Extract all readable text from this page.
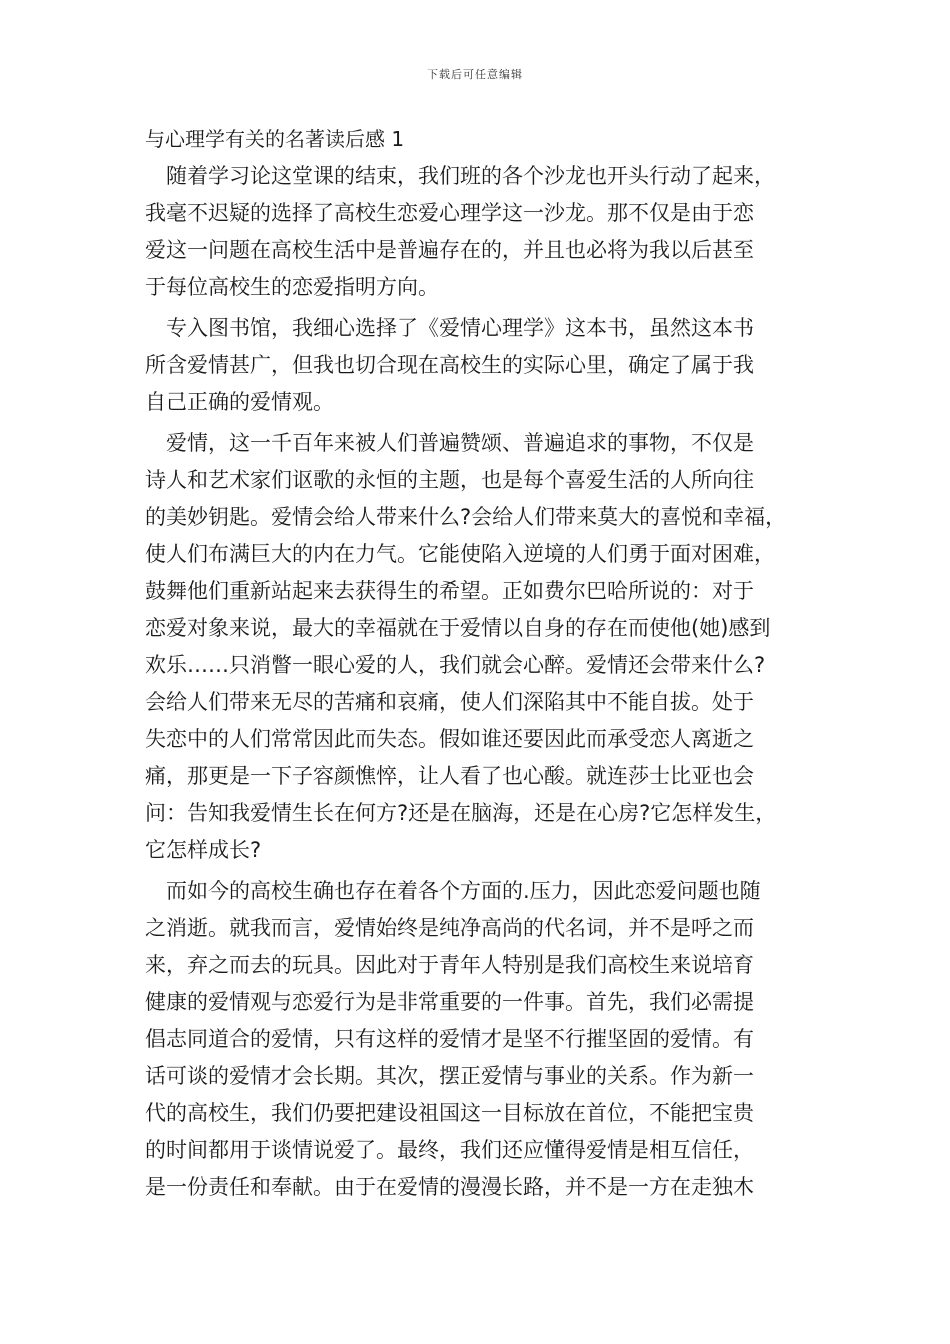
下载后可任意编辑
与心理学有关的名著读后感 1
随着学习论这堂课的结束，我们班的各个沙龙也开头行动了起来，
我毫不迟疑的选择了高校生恋爱心理学这一沙龙。那不仅是由于恋
爱这一问题在高校生活中是普遍存在的，并且也必将为我以后甚至
于每位高校生的恋爱指明方向。
专入图书馆，我细心选择了《爱情心理学》这本书，虽然这本书
所含爱情甚广，但我也切合现在高校生的实际心里，确定了属于我
自己正确的爱情观。
爱情，这一千百年来被人们普遍赞颂、普遍追求的事物，不仅是
诗人和艺术家们讴歌的永恒的主题，也是每个喜爱生活的人所向往
的美妙钥匙。爱情会给人带来什么?会给人们带来莫大的喜悦和幸福，
使人们布满巨大的内在力气。它能使陷入逆境的人们勇于面对困难，
鼓舞他们重新站起来去获得生的希望。正如费尔巴哈所说的：对于
恋爱对象来说，最大的幸福就在于爱情以自身的存在而使他(她)感到
欢乐……只消瞥一眼心爱的人，我们就会心醉。爱情还会带来什么?
会给人们带来无尽的苦痛和哀痛，使人们深陷其中不能自拔。处于
失恋中的人们常常因此而失态。假如谁还要因此而承受恋人离逝之
痛，那更是一下子容颜憔悴，让人看了也心酸。就连莎士比亚也会
问：告知我爱情生长在何方?还是在脑海，还是在心房?它怎样发生，
它怎样成长?
而如今的高校生确也存在着各个方面的.压力，因此恋爱问题也随
之消逝。就我而言，爱情始终是纯净高尚的代名词，并不是呼之而
来，弃之而去的玩具。因此对于青年人特别是我们高校生来说培育
健康的爱情观与恋爱行为是非常重要的一件事。首先，我们必需提
倡志同道合的爱情，只有这样的爱情才是坚不行摧坚固的爱情。有
话可谈的爱情才会长期。其次，摆正爱情与事业的关系。作为新一
代的高校生，我们仍要把建设祖国这一目标放在首位，不能把宝贵
的时间都用于谈情说爱了。最终，我们还应懂得爱情是相互信任，
是一份责任和奉献。由于在爱情的漫漫长路，并不是一方在走独木
